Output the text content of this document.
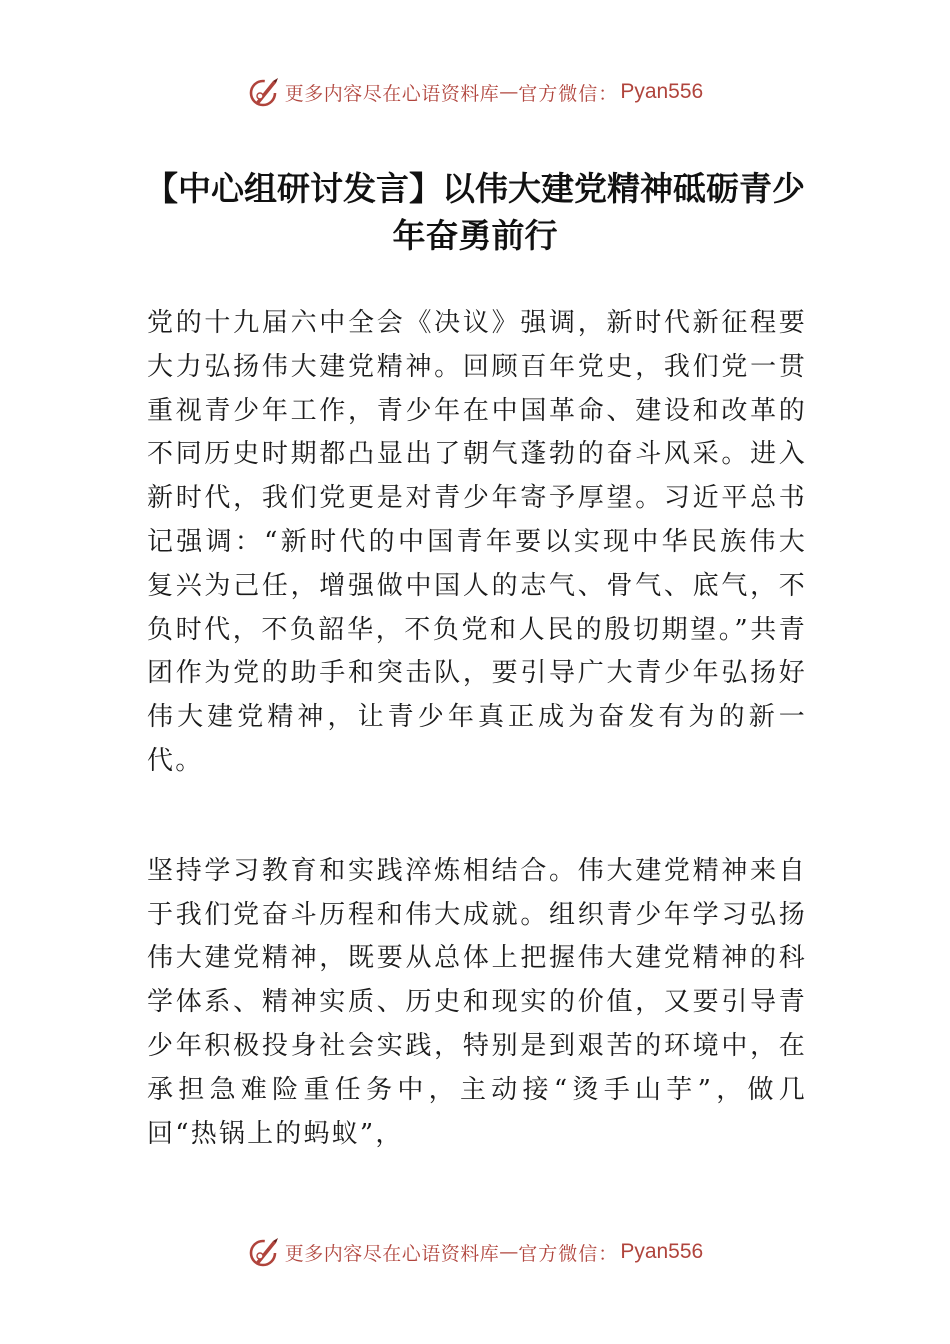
更多内容尽在心语资料库 — 官方微信： Pyan556
【中心组研讨发言】以伟大建党精神砥砺青少年奋勇前行

党的十九届六中全会《决议》强调，新时代新征程要大力弘扬伟大建党精神。回顾百年党史，我们党一贯重视青少年工作，青少年在中国革命、建设和改革的不同历史时期都凸显出了朝气蓬勃的奋斗风采。进入新时代，我们党更是对青少年寄予厚望。习近平总书记强调：“新时代的中国青年要以实现中华民族伟大复兴为己任，增强做中国人的志气、骨气、底气，不负时代，不负韶华，不负党和人民的殷切期望。”共青团作为党的助手和突击队，要引导广大青少年弘扬好伟大建党精神，让青少年真正成为奋发有为的新一代。

坚持学习教育和实践淬炼相结合。伟大建党精神来自于我们党奋斗历程和伟大成就。组织青少年学习弘扬伟大建党精神，既要从总体上把握伟大建党精神的科学体系、精神实质、历史和现实的价值，又要引导青少年积极投身社会实践，特别是到艰苦的环境中，在承担急难险重任务中，主动接“烫手山芋”，做几回“热锅上的蚂蚁”，

更多内容尽在心语资料库 — 官方微信： Pyan556
